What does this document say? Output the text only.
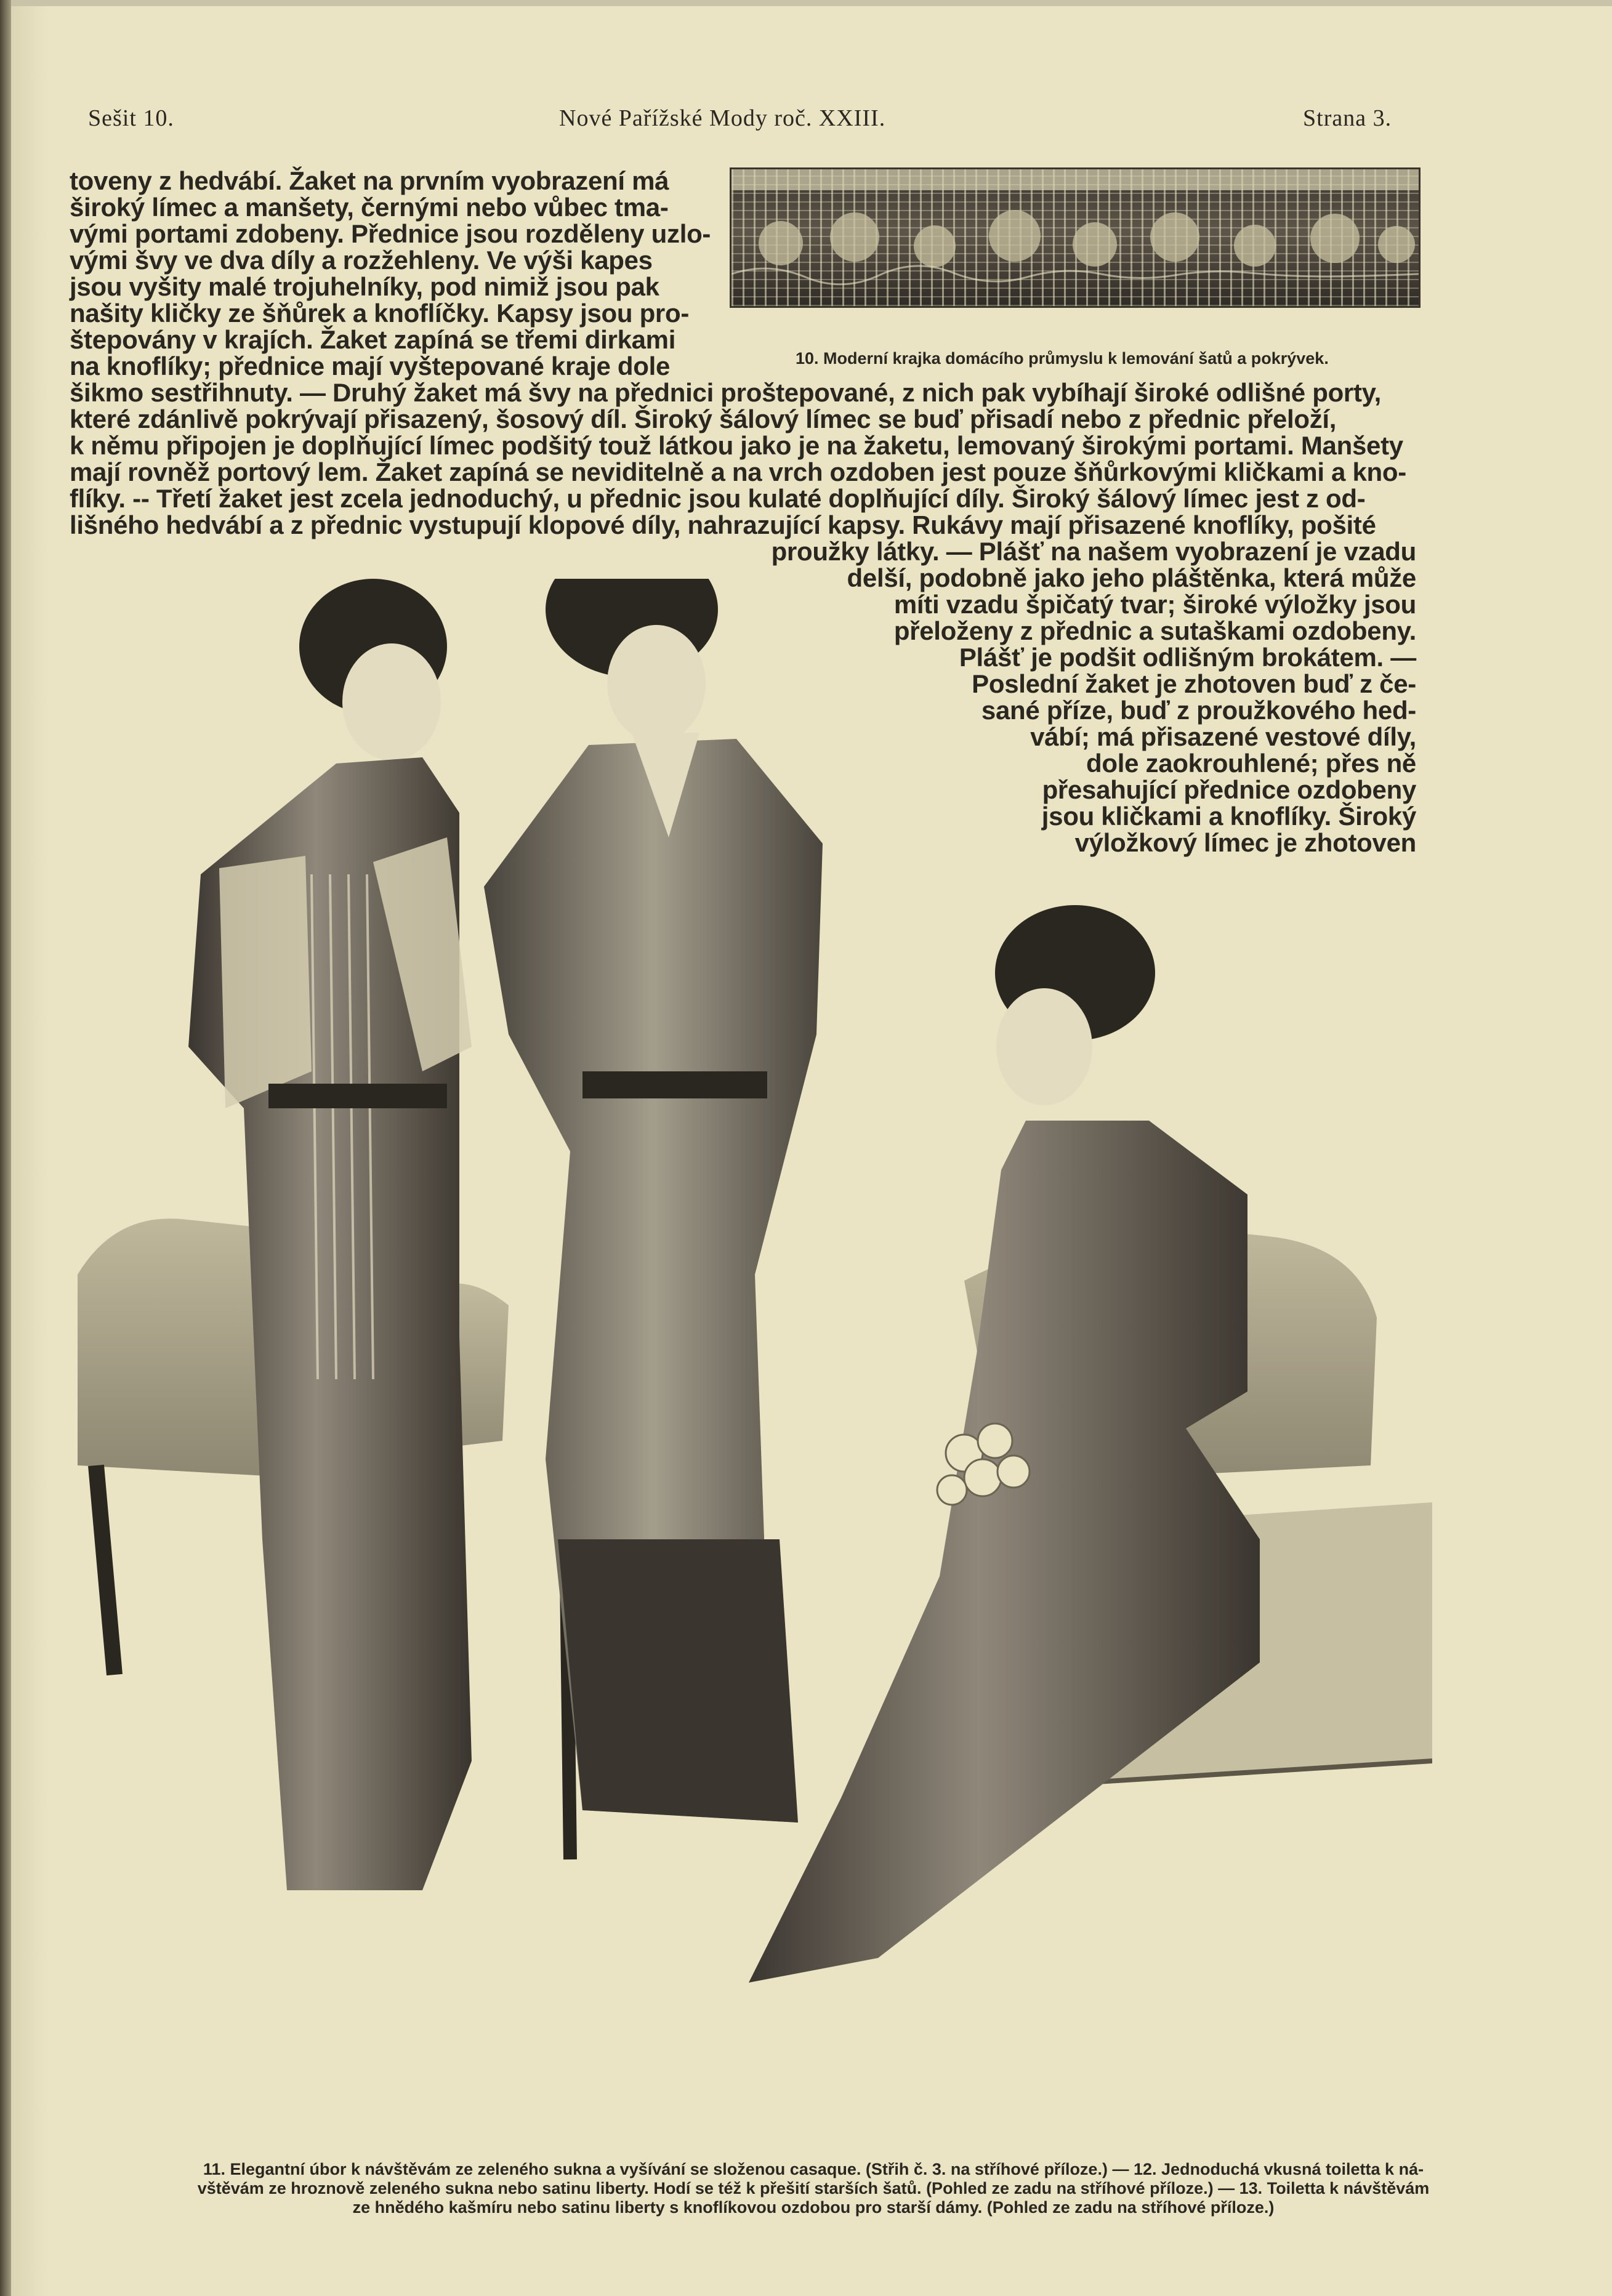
Sešit 10.	Nové Pařížské Mody roč. XXIII.	Strana 3.
toveny z hedvábí. Žaket na prvním vyobrazení má
široký límec a manšety, černými nebo vůbec tma-
vými portami zdobeny. Přednice jsou rozděleny uzlo-
vými švy ve dva díly a rozžehleny. Ve výši kapes
jsou vyšity malé trojuhelníky, pod nimiž jsou pak
našity kličky ze šňůrek a knoflíčky. Kapsy jsou pro-
štepovány v krajích. Žaket zapíná se třemi dirkami
na knoflíky; přednice mají vyštepované kraje dole	10. Moderní krajka domácího průmyslu k lemování šatů a pokrývek.
šikmo sestřihnuty. — Druhý žaket má švy na přednici proštepované, z nich pak vybíhají široké odlišné porty,
které zdánlivě pokrývají přisazený, šosový díl. Široký šálový límec se buď přisadí nebo z přednic přeloží,
k němu připojen je doplňující límec podšitý touž látkou jako je na žaketu, lemovaný širokými portami. Manšety
mají rovněž portový lem. Žaket zapíná se neviditelně a na vrch ozdoben jest pouze šňůrkovými kličkami a kno-
flíky. -- Třetí žaket jest zcela jednoduchý, u přednic jsou kulaté doplňující díly. Široký šálový límec jest z od-
lišného hedvábí a z přednic vystupují klopové díly, nahrazující kapsy. Rukávy mají přisazené knoflíky, pošité
proužky látky. — Plášť na našem vyobrazení je vzadu
delší, podobně jako jeho pláštěnka, která může
míti vzadu špičatý tvar; široké výložky jsou
přeloženy z přednic a sutaškami ozdobeny.
Plášť je podšit odlišným brokátem. —
Poslední žaket je zhotoven buď z če-
sané příze, buď z proužkového hed-
vábí; má přisazené vestové díly,
dole zaokrouhlené; přes ně
přesahující přednice ozdobeny
jsou kličkami a knoflíky. Široký
výložkový límec je zhotoven
11. Elegantní úbor k návštěvám ze zeleného sukna a vyšívání se složenou casaque. (Střih č. 3. na stříhové příloze.) — 12. Jednoduchá vkusná toiletta k ná-
vštěvám ze hroznově zeleného sukna nebo satinu liberty. Hodí se též k přešití starších šatů. (Pohled ze zadu na stříhové příloze.) — 13. Toiletta k návštěvám
ze hnědého kašmíru nebo satinu liberty s knoflíkovou ozdobou pro starší dámy. (Pohled ze zadu na stříhové příloze.)
